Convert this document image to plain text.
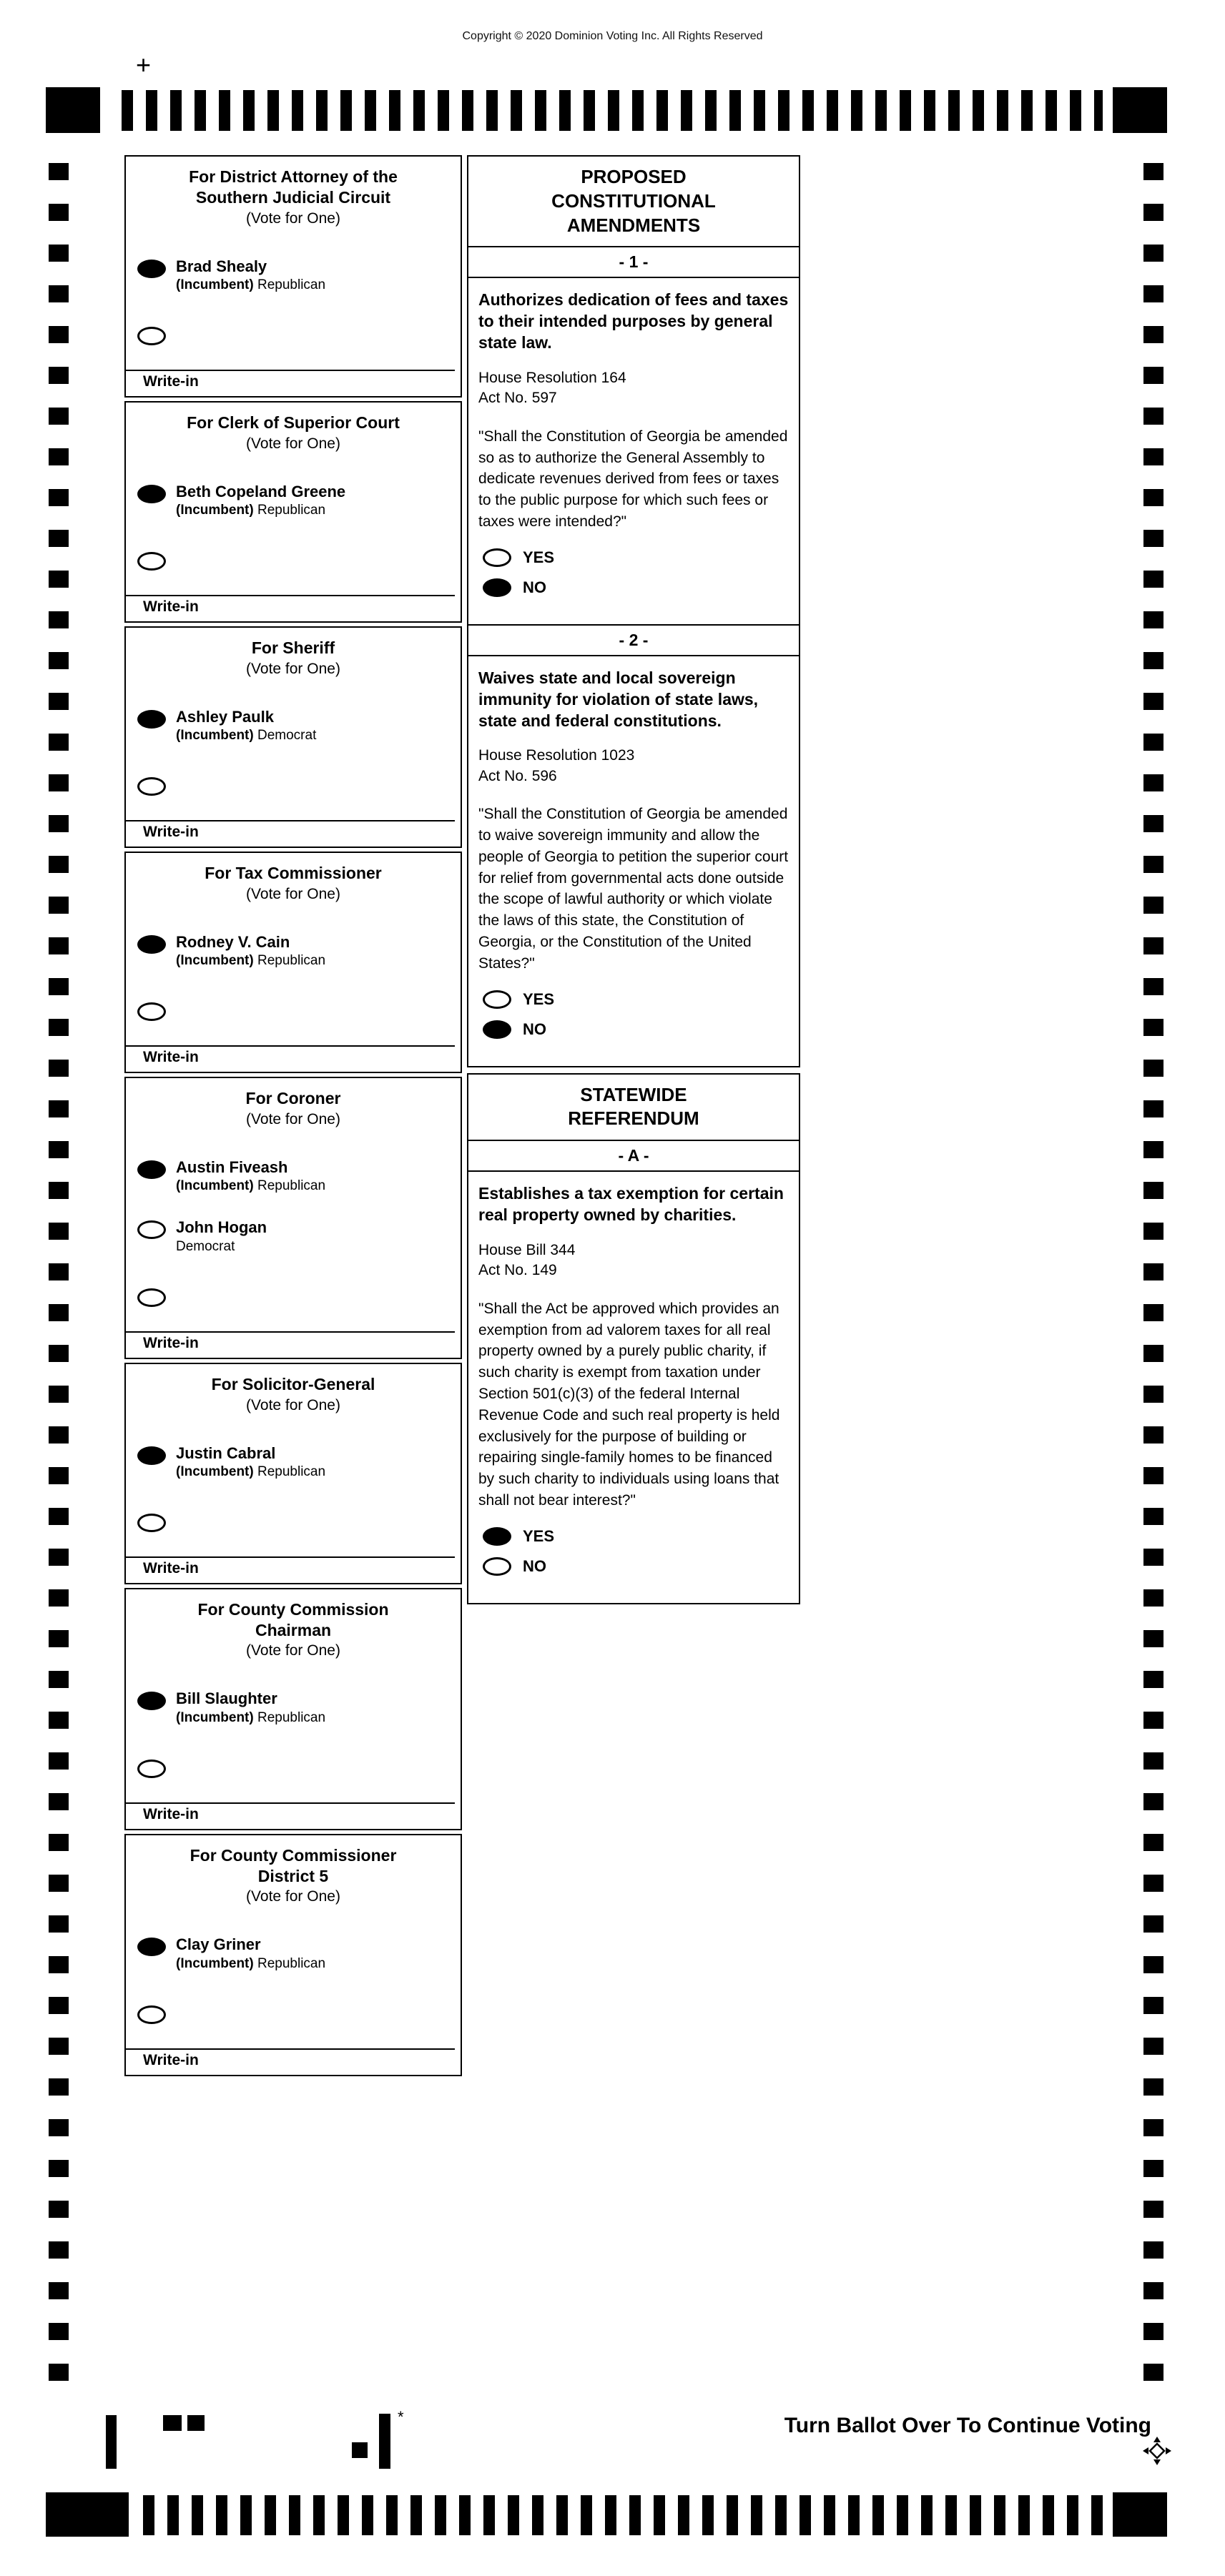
Copyright © 2020 Dominion Voting Inc. All Rights Reserved
+
*	Turn Ballot Over To Continue Voting
For District Attorney of the
Southern Judicial Circuit
(Vote for One)
Brad Shealy
(Incumbent) Republican
Write-in
For Clerk of Superior Court
(Vote for One)
Beth Copeland Greene
(Incumbent) Republican
Write-in
For Sheriff
(Vote for One)
Ashley Paulk
(Incumbent) Democrat
Write-in
For Tax Commissioner
(Vote for One)
Rodney V. Cain
(Incumbent) Republican
Write-in
For Coroner
(Vote for One)
Austin Fiveash
(Incumbent) Republican
John Hogan
Democrat
Write-in
For Solicitor-General
(Vote for One)
Justin Cabral
(Incumbent) Republican
Write-in
For County Commission
Chairman
(Vote for One)
Bill Slaughter
(Incumbent) Republican
Write-in
For County Commissioner
District 5
(Vote for One)
Clay Griner
(Incumbent) Republican
Write-in
PROPOSED
CONSTITUTIONAL
AMENDMENTS
- 1 -

Authorizes dedication of fees and taxes to their intended purposes by general state law.

House Resolution 164
Act No. 597

"Shall the Constitution of Georgia be amended so as to authorize the General Assembly to dedicate revenues derived from fees or taxes to the public purpose for which such fees or taxes were intended?"

YES
NO
- 2 -

Waives state and local sovereign immunity for violation of state laws, state and federal constitutions.

House Resolution 1023
Act No. 596

"Shall the Constitution of Georgia be amended to waive sovereign immunity and allow the people of Georgia to petition the superior court for relief from governmental acts done outside the scope of lawful authority or which violate the laws of this state, the Constitution of Georgia, or the Constitution of the United States?"

YES
NO
STATEWIDE
REFERENDUM
- A -

Establishes a tax exemption for certain real property owned by charities.

House Bill 344
Act No. 149

"Shall the Act be approved which provides an exemption from ad valorem taxes for all real property owned by a purely public charity, if such charity is exempt from taxation under Section 501(c)(3) of the federal Internal Revenue Code and such real property is held exclusively for the purpose of building or repairing single-family homes to be financed by such charity to individuals using loans that shall not bear interest?"

YES
NO
